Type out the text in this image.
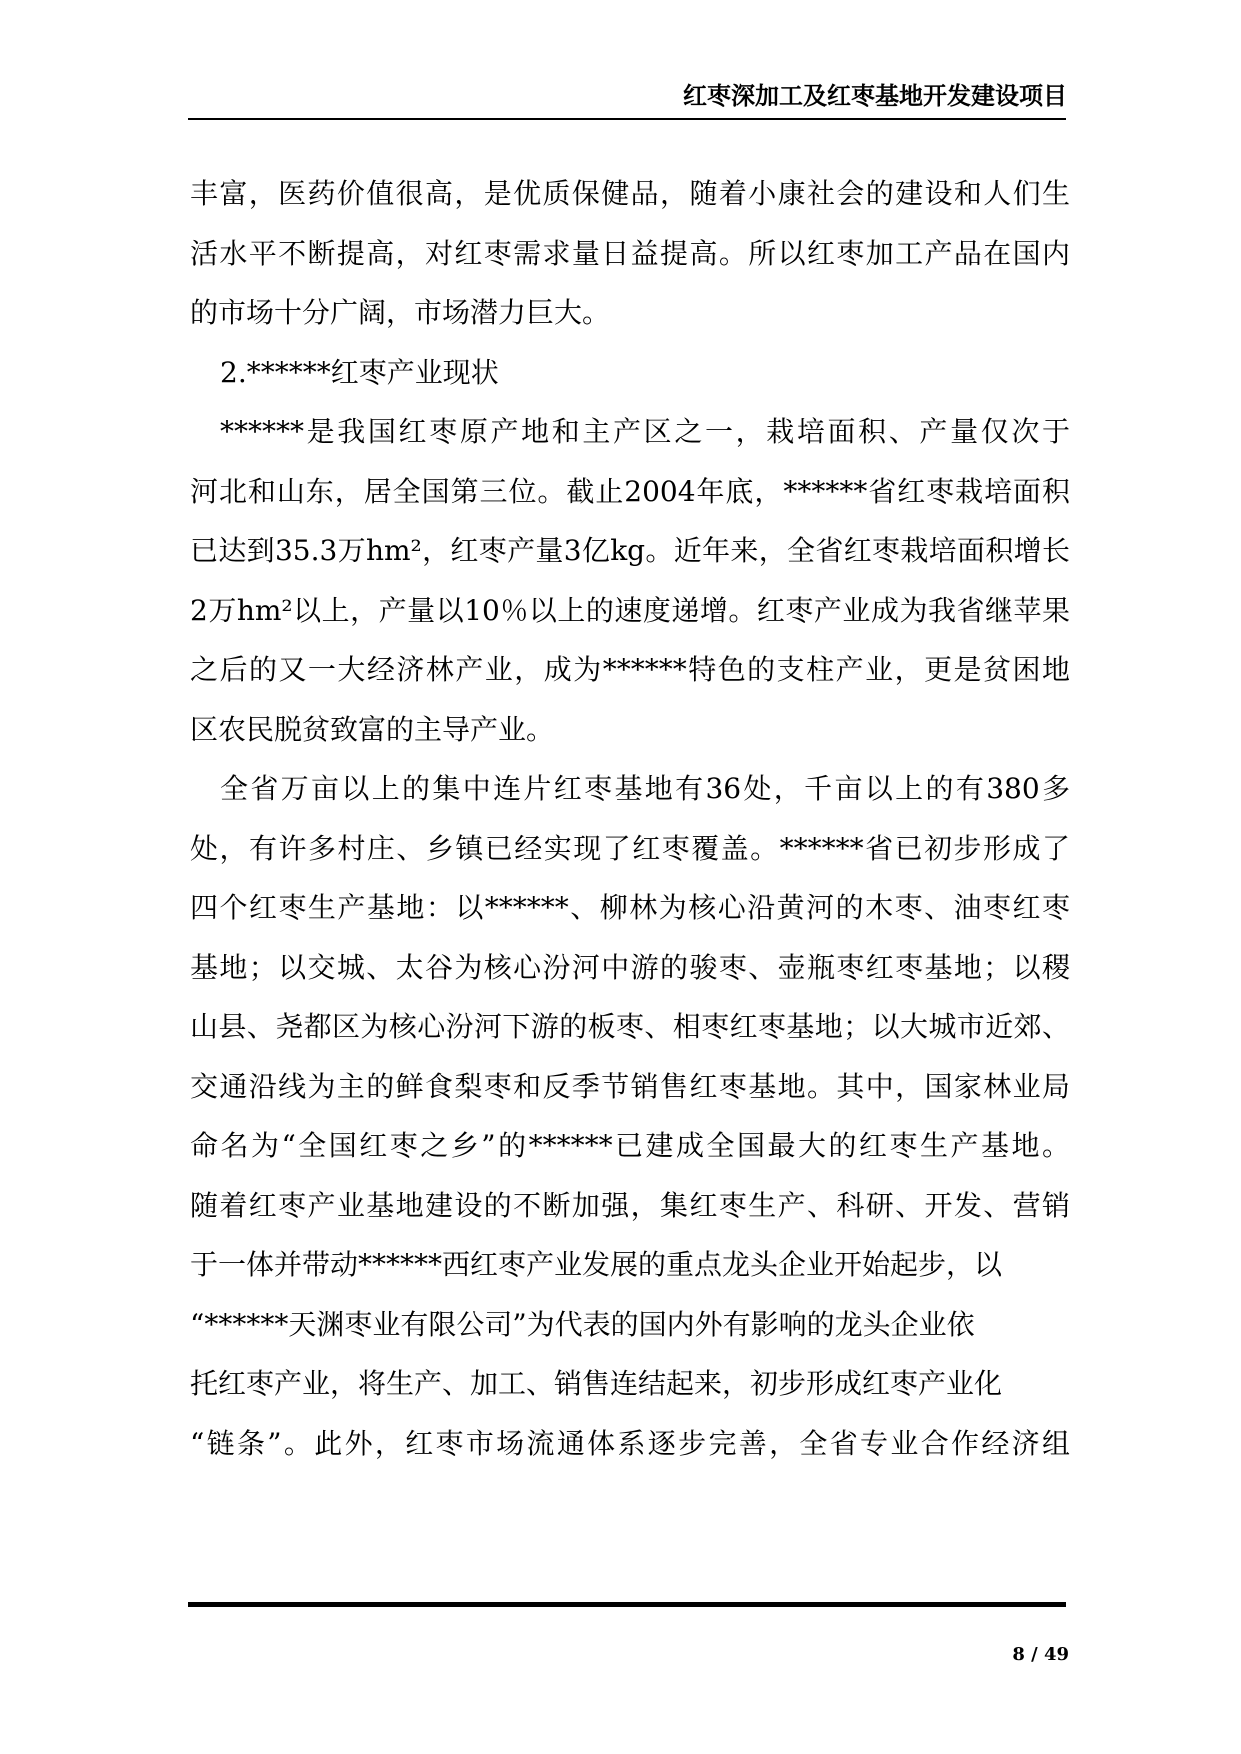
红枣深加工及红枣基地开发建设项目
丰富，医药价值很高，是优质保健品，随着小康社会的建设和人们生
活水平不断提高，对红枣需求量日益提高。所以红枣加工产品在国内
的市场十分广阔，市场潜力巨大。
2.******红枣产业现状
******是我国红枣原产地和主产区之一，栽培面积、产量仅次于
河北和山东，居全国第三位。截止2004年底，******省红枣栽培面积
已达到35.3万hm²，红枣产量3亿kg。近年来，全省红枣栽培面积增长
2万hm²以上，产量以10％以上的速度递增。红枣产业成为我省继苹果
之后的又一大经济林产业，成为******特色的支柱产业，更是贫困地
区农民脱贫致富的主导产业。
全省万亩以上的集中连片红枣基地有36处，千亩以上的有380多
处，有许多村庄、乡镇已经实现了红枣覆盖。******省已初步形成了
四个红枣生产基地：以******、柳林为核心沿黄河的木枣、油枣红枣
基地；以交城、太谷为核心汾河中游的骏枣、壶瓶枣红枣基地；以稷
山县、尧都区为核心汾河下游的板枣、相枣红枣基地；以大城市近郊、
交通沿线为主的鲜食梨枣和反季节销售红枣基地。其中，国家林业局
命名为“全国红枣之乡”的******已建成全国最大的红枣生产基地。
随着红枣产业基地建设的不断加强，集红枣生产、科研、开发、营销
于一体并带动******西红枣产业发展的重点龙头企业开始起步，以
“******天渊枣业有限公司”为代表的国内外有影响的龙头企业依
托红枣产业，将生产、加工、销售连结起来，初步形成红枣产业化
“链条”。此外，红枣市场流通体系逐步完善，全省专业合作经济组
8 / 49
